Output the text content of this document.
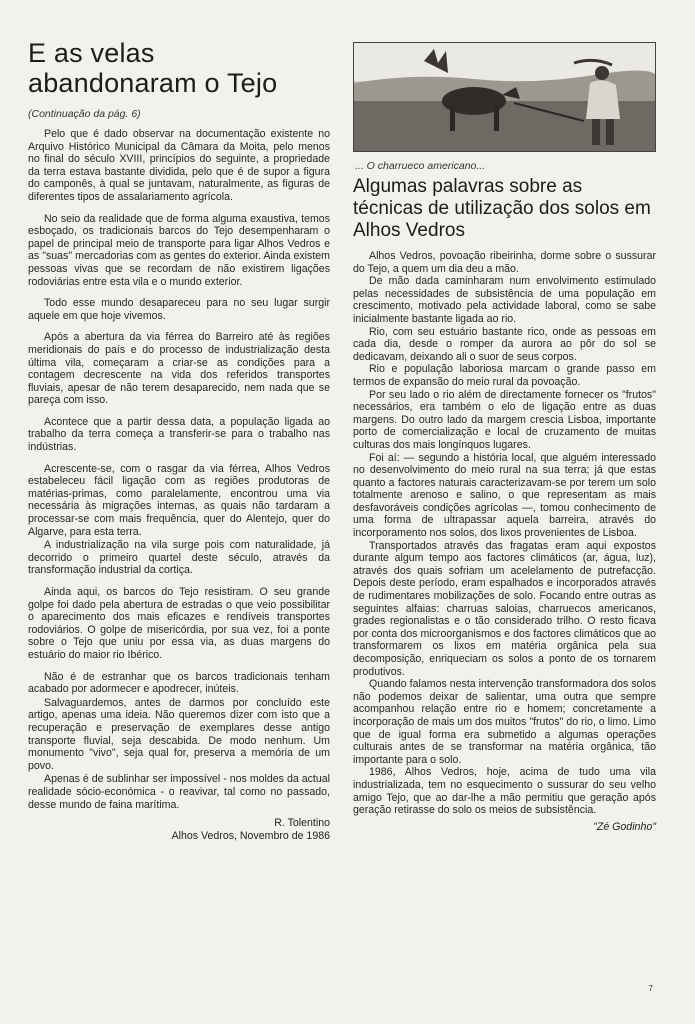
E as velas abandonaram o Tejo
(Continuação da pág. 6)

Pelo que é dado observar na documentação existente no Arquivo Histórico Municipal da Câmara da Moita, pelo menos no final do século XVIII, princípios do seguinte, a propriedade da terra estava bastante dividida, pelo que é de supor a figura do camponês, à qual se juntavam, naturalmente, as figuras de diferentes tipos de assalariamento agrícola.

No seio da realidade que de forma alguma exaustiva, temos esboçado, os tradicionais barcos do Tejo desempenharam o papel de principal meio de transporte para ligar Alhos Vedros e as "suas" mercadorias com as gentes do exterior. Ainda existem pessoas vivas que se recordam de não existirem ligações rodoviárias entre esta vila e o mundo exterior.

Todo esse mundo desapareceu para no seu lugar surgir aquele em que hoje vivemos.

Após a abertura da via férrea do Barreiro até às regiões meridionais do país e do processo de industrialização desta última vila, começaram a criar-se as condições para a contagem decrescente na vida dos referidos transportes fluviais, apesar de não terem desaparecido, nem nada que se pareça com isso.

Acontece que a partir dessa data, a população ligada ao trabalho da terra começa a transferir-se para o trabalho nas indústrias.

Acrescente-se, com o rasgar da via férrea, Alhos Vedros estabeleceu fácil ligação com as regiões produtoras de matérias-primas, como paralelamente, encontrou uma via necessária às migrações internas, as quais não tardaram a processar-se com mais frequência, quer do Alentejo, quer do Algarve, para esta terra.

A industrialização na vila surge pois com naturalidade, já decorrido o primeiro quartel deste século, através da transformação industrial da cortiça.

Ainda aqui, os barcos do Tejo resistiram. O seu grande golpe foi dado pela abertura de estradas o que veio possibilitar o aparecimento dos mais eficazes e rendíveis transportes rodoviários. O golpe de misericórdia, por sua vez, foi a ponte sobre o Tejo que uniu por essa via, as duas margens do estuário do maior rio Ibérico.

Não é de estranhar que os barcos tradicionais tenham acabado por adormecer e apodrecer, inúteis.

Salvaguardemos, antes de darmos por concluído este artigo, apenas uma ideia. Não queremos dizer com isto que a recuperação e preservação de exemplares desse antigo transporte fluvial, seja descabida. De modo nenhum. Um monumento "vivo", seja qual for, preserva a memória de um povo.

Apenas é de sublinhar ser impossível - nos moldes da actual realidade sócio-económica - o reavivar, tal como no passado, desse mundo de faina marítima.

R. Tolentino
Alhos Vedros, Novembro de 1986
... O charrueco americano...
Algumas palavras sobre as técnicas de utilização dos solos em Alhos Vedros

Alhos Vedros, povoação ribeirinha, dorme sobre o sussurar do Tejo, a quem um dia deu a mão.

De mão dada caminharam num envolvimento estimulado pelas necessidades de subsistência de uma população em crescimento, motivado pela actividade laboral, como se sabe inicialmente bastante ligada ao rio.

Rio, com seu estuário bastante rico, onde as pessoas em cada dia, desde o romper da aurora ao pôr do sol se dedicavam, deixando ali o suor de seus corpos.

Rio e população laboriosa marcam o grande passo em termos de expansão do meio rural da povoação.

Por seu lado o rio além de directamente fornecer os "frutos" necessários, era também o elo de ligação entre as duas margens. Do outro lado da margem crescia Lisboa, importante porto de comercialização e local de cruzamento de muitas culturas dos mais longínquos lugares.

Foi aí: — segundo a história local, que alguém interessado no desenvolvimento do meio rural na sua terra; já que estas quanto a factores naturais caracterizavam-se por terem um solo totalmente arenoso e salino, o que representam as mais desfavoráveis condições agrícolas —, tomou conhecimento de uma forma de ultrapassar aquela barreira, através do incorporamento nos solos, dos lixos provenientes de Lisboa.

Transportados através das fragatas eram aqui expostos durante algum tempo aos factores climáticos (ar, água, luz), através dos quais sofriam um acelelamento de putrefacção. Depois deste período, eram espalhados e incorporados através de rudimentares mobilizações de solo. Focando entre outras as seguintes alfaias: charruas saloias, charruecos americanos, grades regionalistas e o tão considerado trilho. O resto ficava por conta dos microorganismos e dos factores climáticos que ao transformarem os lixos em matéria orgânica pela sua decomposição, enriqueciam os solos a ponto de os tornarem produtivos.

Quando falamos nesta intervenção transformadora dos solos não podemos deixar de salientar, uma outra que sempre acompanhou relação entre rio e homem; concretamente a incorporação de mais um dos muitos "frutos" do rio, o limo. Limo que de igual forma era submetido a algumas operações culturais antes de se transformar na matéria orgânica, tão importante para o solo.

1986, Alhos Vedros, hoje, acima de tudo uma vila industrializada, tem no esquecimento o sussurar do seu velho amigo Tejo, que ao dar-lhe a mão permitiu que geração após geração retirasse do solo os meios de subsistência.

"Zé Godinho"
7
